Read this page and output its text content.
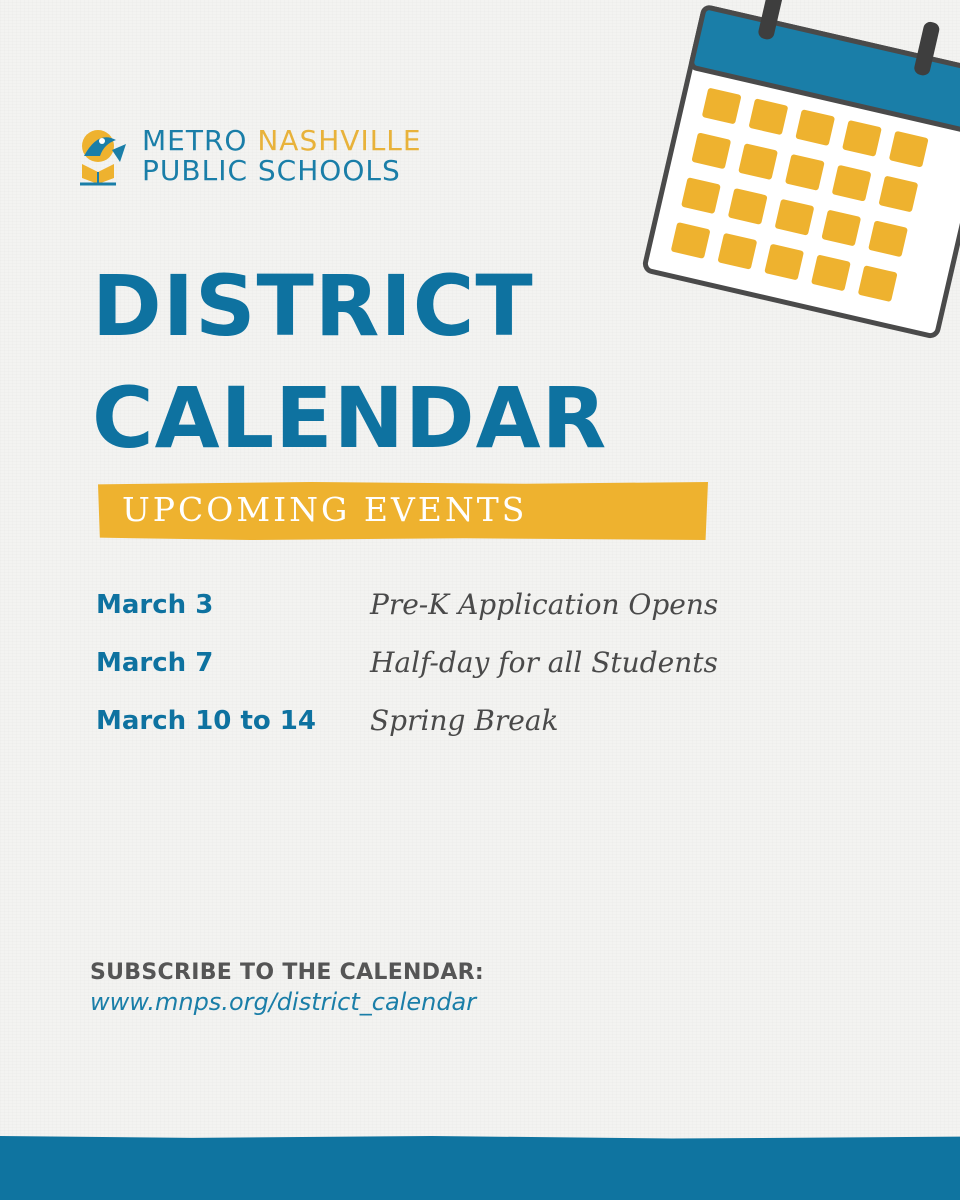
METRO NASHVILLE
PUBLIC SCHOOLS
DISTRICT
CALENDAR
UPCOMING EVENTS
March 3	Pre-K Application Opens
March 7	Half-day for all Students
March 10 to 14 Spring Break
SUBSCRIBE TO THE CALENDAR:
www.mnps.org/district_calendar
